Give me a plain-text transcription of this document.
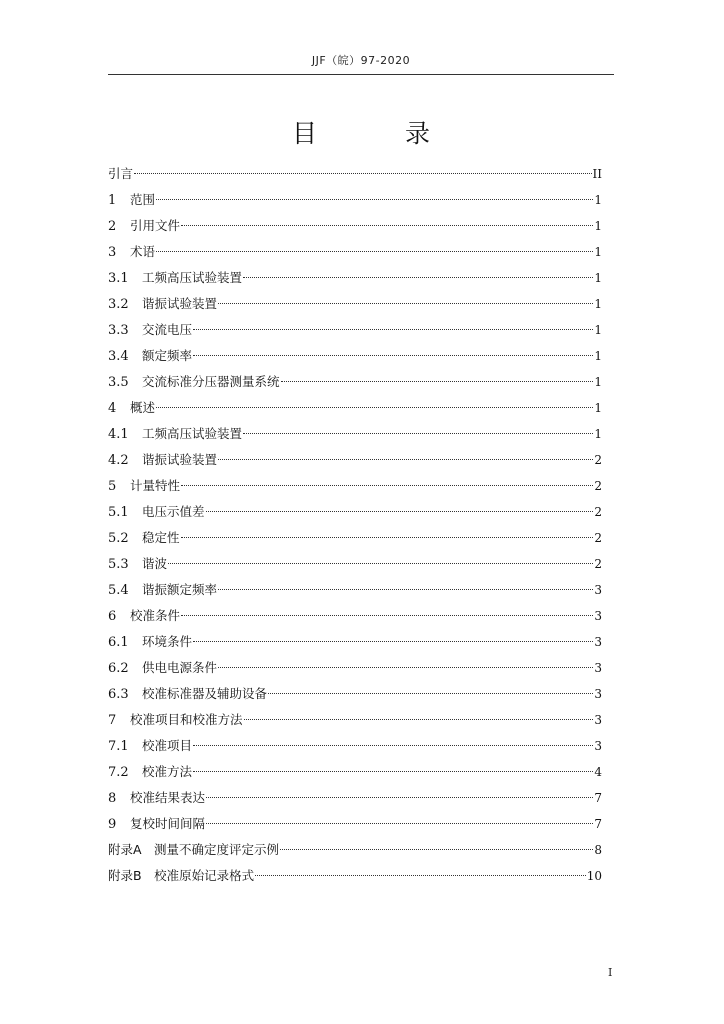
JJF（皖）97-2020
目 录
引言	II
1	范围	1
2	引用文件	1
3	术语	1
3.1	工频高压试验装置	1
3.2	谐振试验装置	1
3.3	交流电压	1
3.4	额定频率	1
3.5	交流标准分压器测量系统	1
4	概述	1
4.1	工频高压试验装置	1
4.2	谐振试验装置	2
5	计量特性	2
5.1	电压示值差	2
5.2	稳定性	2
5.3	谐波	2
5.4	谐振额定频率	3
6	校准条件	3
6.1	环境条件	3
6.2	供电电源条件	3
6.3	校准标准器及辅助设备	3
7	校准项目和校准方法	3
7.1	校准项目	3
7.2	校准方法	4
8	校准结果表达	7
9	复校时间间隔	7
附录A　测量不确定度评定示例	8
附录B　校准原始记录格式	10
I
